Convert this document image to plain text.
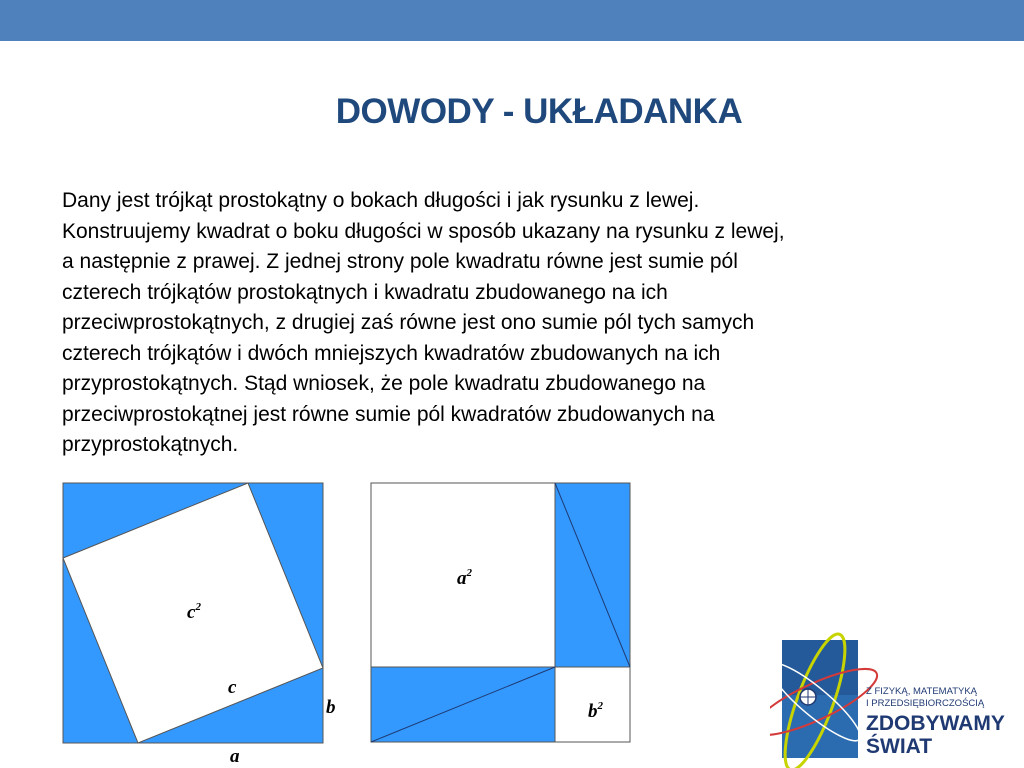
DOWODY - UKŁADANKA

Dany jest trójkąt prostokątny o bokach długości i jak rysunku z lewej.
Konstruujemy kwadrat o boku długości w sposób ukazany na rysunku z lewej,
a następnie z prawej. Z jednej strony pole kwadratu równe jest sumie pól
czterech trójkątów prostokątnych i kwadratu zbudowanego na ich
przeciwprostokątnych, z drugiej zaś równe jest ono sumie pól tych samych
czterech trójkątów i dwóch mniejszych kwadratów zbudowanych na ich
przyprostokątnych. Stąd wniosek, że pole kwadratu zbudowanego na
przeciwprostokątnej jest równe sumie pól kwadratów zbudowanych na
przyprostokątnych.

$c^2$
c
b
a
$a^2$
$b^2$
Z FIZYKĄ, MATEMATYKĄ
I PRZEDSIĘBIORCZOŚCIĄ
ZDOBYWAMY
ŚWIAT
